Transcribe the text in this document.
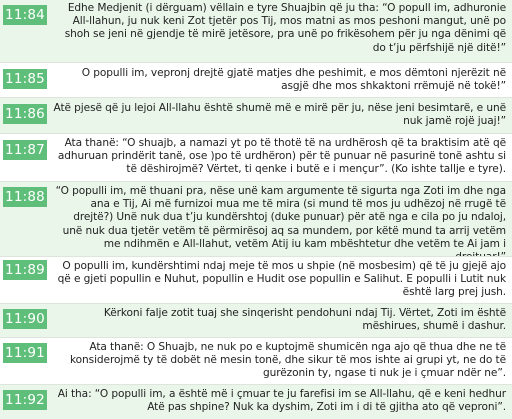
11:84	Edhe Medjenit (i dërguam) vëllain e tyre Shuajbin që ju tha: “O popull im, adhuronie All-llahun, ju nuk keni Zot tjetër pos Tij, mos matni as mos peshoni mangut, unë po shoh se jeni në gjendje të mirë jetësore, pra unë po frikësohem për ju nga dënimi që do t’ju përfshijë një ditë!”

11:85	O populli im, vepronj drejtë gjatë matjes dhe peshimit, e mos dëmtoni njerëzit në asgjë dhe mos shkaktoni rrëmujë në tokë!”

11:86 Atë pjesë që ju lejoi All-llahu është shumë më e mirë për ju, nëse jeni besimtarë, e unë nuk jamë rojë juaj!”

11:87	Ata thanë: “O shuajb, a namazi yt po të thotë të na urdhërosh që ta braktisim atë që adhuruan prindërit tanë, ose )po të urdhëron) për të punuar në pasurinë tonë ashtu si të dëshirojmë? Vërtet, ti qenke i butë e i mençur”. (Ko ishte tallje e tyre).

11:88	“O populli im, më thuani pra, nëse unë kam argumente të sigurta nga Zoti im dhe nga ana e Tij, Ai më furnizoi mua me të mira (si mund të mos ju udhëzoj në rrugë të drejtë?) Unë nuk dua t’ju kundërshtoj (duke punuar) për atë nga e cila po ju ndaloj, unë nuk dua tjetër vetëm të përmirësoj aq sa mundem, por këtë mund ta arrij vetëm me ndihmën e All-llahut, vetëm Atij iu kam mbështetur dhe vetëm te Ai jam i

11:89	O populli im, kundërshtimi ndaj meje të mos u shpie (në mosbesim) që të ju gjejë ajo që e gjeti popullin e Nuhut, popullin e Hudit ose popullin e Salihut. E populli i Lutit nuk është larg prej jush.

11:90	Kërkoni falje zotit tuaj she sinqerisht pendohuni ndaj Tij. Vërtet, Zoti im është mëshirues, shumë i dashur.

11:91	Ata thanë: O Shuajb, ne nuk po e kuptojmë shumicën nga ajo që thua dhe ne të konsiderojmë ty të dobët në mesin tonë, dhe sikur të mos ishte ai grupi yt, ne do të gurëzonin ty, ngase ti nuk je i çmuar ndër ne”.

11:92	Ai tha: “O populli im, a është më i çmuar te ju farefisi im se All-llahu, që e keni hedhur Atë pas shpine? Nuk ka dyshim, Zoti im i di të gjitha ato që veproni”.
